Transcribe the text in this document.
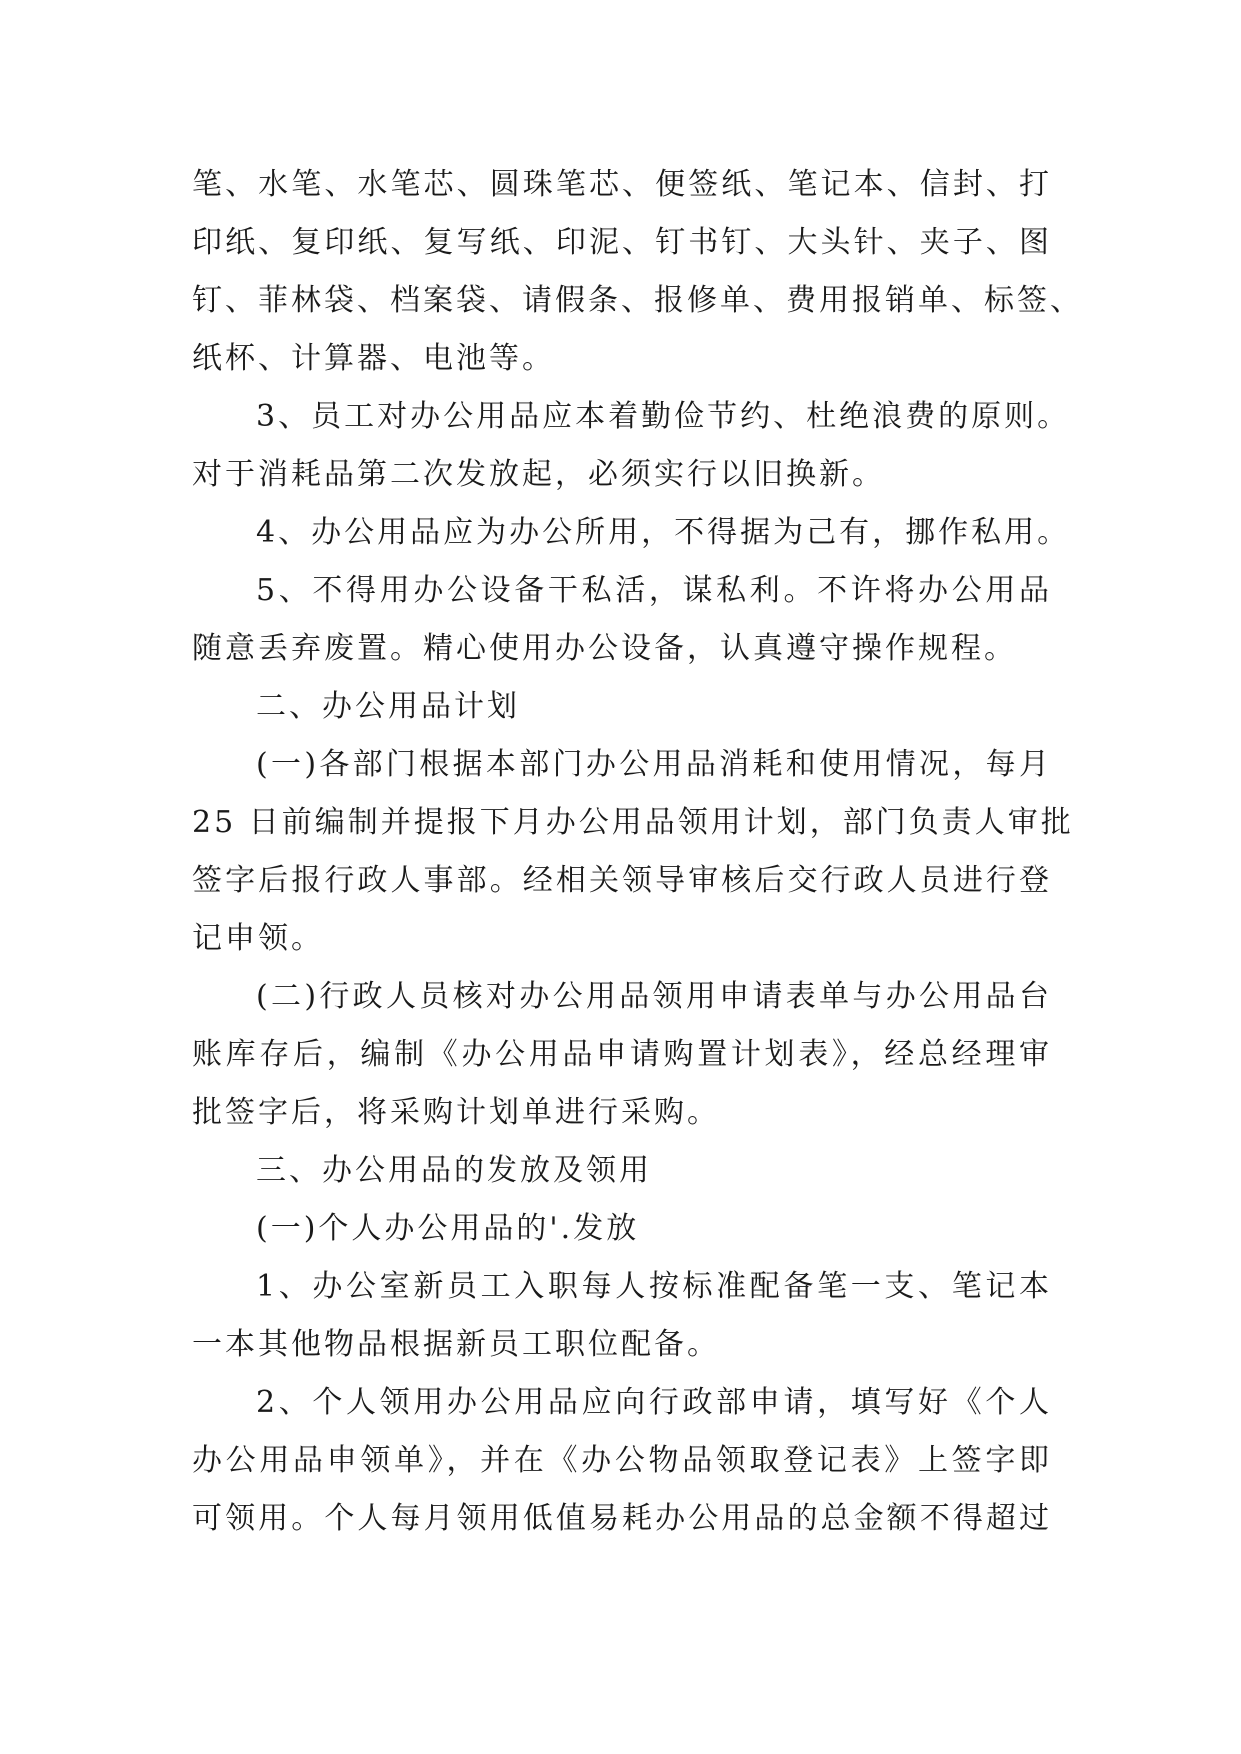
笔、水笔、水笔芯、圆珠笔芯、便签纸、笔记本、信封、打
印纸、复印纸、复写纸、印泥、钉书钉、大头针、夹子、图
钉、菲林袋、档案袋、请假条、报修单、费用报销单、标签、
纸杯、计算器、电池等。
3、员工对办公用品应本着勤俭节约、杜绝浪费的原则。
对于消耗品第二次发放起，必须实行以旧换新。
4、办公用品应为办公所用，不得据为己有，挪作私用。
5、不得用办公设备干私活，谋私利。不许将办公用品
随意丢弃废置。精心使用办公设备，认真遵守操作规程。
二、办公用品计划
(一)各部门根据本部门办公用品消耗和使用情况，每月
25 日前编制并提报下月办公用品领用计划，部门负责人审批
签字后报行政人事部。经相关领导审核后交行政人员进行登
记申领。
(二)行政人员核对办公用品领用申请表单与办公用品台
账库存后，编制《办公用品申请购置计划表》，经总经理审
批签字后，将采购计划单进行采购。
三、办公用品的发放及领用
(一)个人办公用品的'.发放
1、办公室新员工入职每人按标准配备笔一支、笔记本
一本其他物品根据新员工职位配备。
2、个人领用办公用品应向行政部申请，填写好《个人
办公用品申领单》，并在《办公物品领取登记表》上签字即
可领用。个人每月领用低值易耗办公用品的总金额不得超过
